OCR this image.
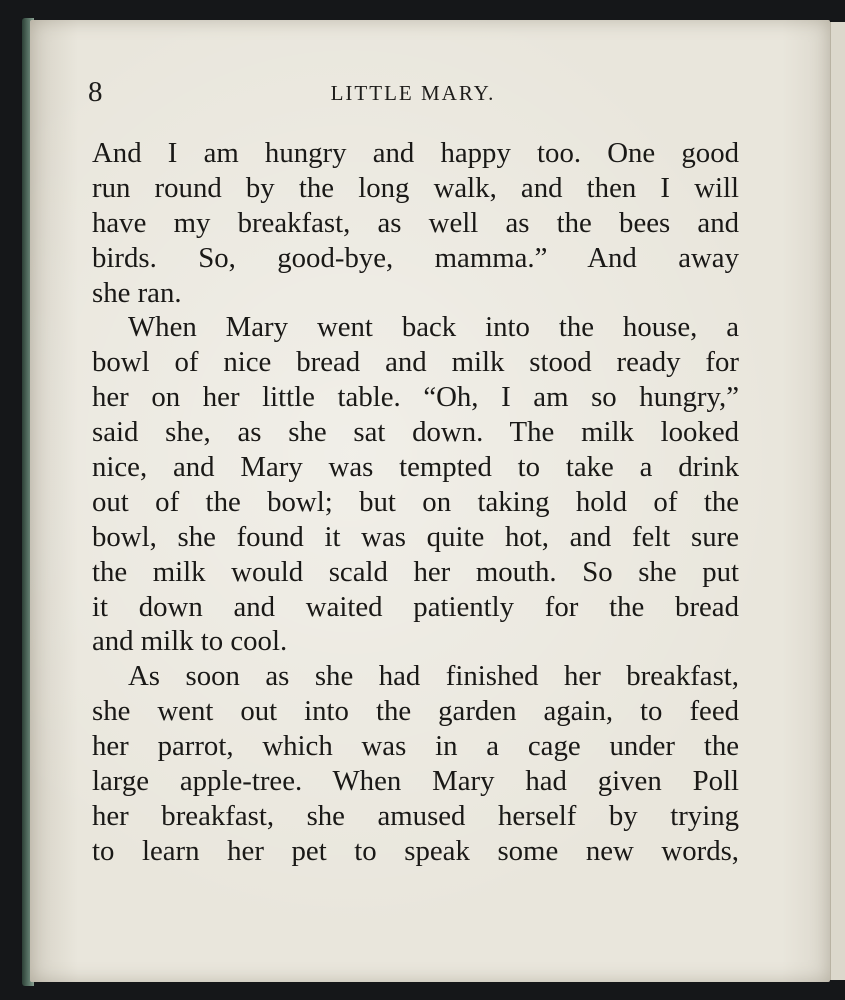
8	LITTLE MARY.
And I am hungry and happy too. One good
run round by the long walk, and then I will
have my breakfast, as well as the bees and
birds. So, good-bye, mamma.” And away
she ran.
When Mary went back into the house, a
bowl of nice bread and milk stood ready for
her on her little table. “Oh, I am so hungry,”
said she, as she sat down. The milk looked
nice, and Mary was tempted to take a drink
out of the bowl; but on taking hold of the
bowl, she found it was quite hot, and felt sure
the milk would scald her mouth. So she put
it down and waited patiently for the bread
and milk to cool.
As soon as she had finished her breakfast,
she went out into the garden again, to feed
her parrot, which was in a cage under the
large apple-tree. When Mary had given Poll
her breakfast, she amused herself by trying
to learn her pet to speak some new words,
